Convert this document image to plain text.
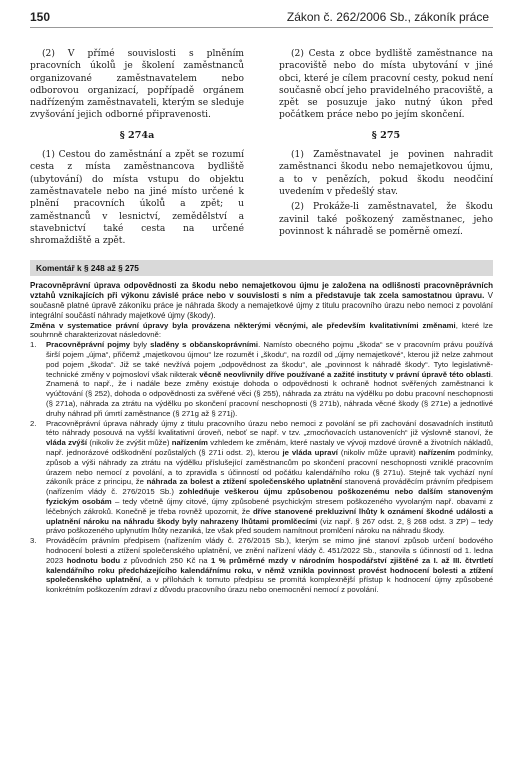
150	Zákon č. 262/2006 Sb., zákoník práce

(2) V přímé souvislosti s plněním pracovních úkolů je školení zaměstnanců organizované zaměstnavatelem nebo odborovou organizací, popřípadě orgánem nadřízeným zaměstnavateli, kterým se sleduje zvyšování jejich odborné připravenosti.

§ 274a

(1) Cestou do zaměstnání a zpět se rozumí cesta z místa zaměstnancova bydliště (ubytování) do místa vstupu do objektu zaměstnavatele nebo na jiné místo určené k plnění pracovních úkolů a zpět; u zaměstnanců v lesnictví, zemědělství a stavebnictví také cesta na určené shromaždiště a zpět.

(2) Cesta z obce bydliště zaměstnance na pracoviště nebo do místa ubytování v jiné obci, které je cílem pracovní cesty, pokud není současně obcí jeho pravidelného pracoviště, a zpět se posuzuje jako nutný úkon před počátkem práce nebo po jejím skončení.

§ 275

(1) Zaměstnavatel je povinen nahradit zaměstnanci škodu nebo nemajetkovou újmu, a to v penězích, pokud škodu neodčiní uvedením v předešlý stav.

(2) Prokáže-li zaměstnavatel, že škodu zavinil také poškozený zaměstnanec, jeho povinnost k náhradě se poměrně omezí.

Komentář k § 248 až § 275

Pracovněprávní úprava odpovědnosti za škodu nebo nemajetkovou újmu je založena na odlišnosti pracovněprávních vztahů vznikajících při výkonu závislé práce nebo v souvislosti s ním a představuje tak zcela samostatnou úpravu. V současně platné úpravě zákoníku práce je náhrada škody a nemajetkové újmy z titulu pracovního úrazu nebo nemoci z povolání integrální součástí náhrady majetkové újmy (škody).

Změna v systematice právní úpravy byla provázena některými věcnými, ale především kvalitativními změnami, které lze souhrnně charakterizovat následovně:

1. Pracovněprávní pojmy byly sladěny s občanskoprávními. Namísto obecného pojmu „škoda“ se v pracovním právu používá širší pojem „újma“, přičemž „majetkovou újmou“ lze rozumět i „škodu“, na rozdíl od „újmy nemajetkové“, kterou již nelze zahrnout pod pojem „škoda“. Již se také nevžívá pojem „odpovědnost za škodu“, ale „povinnost k náhradě škody“. Tyto legislativně-technické změny v pojmosloví však nikterak věcně neovlivnily dříve používané a zažité instituty v právní úpravě této oblasti. Znamená to např., že i nadále beze změny existuje dohoda o odpovědnosti k ochraně hodnot svěřených zaměstnanci k vyúčtování (§ 252), dohoda o odpovědnosti za svěřené věci (§ 255), náhrada za ztrátu na výdělku po dobu pracovní neschopnosti (§ 271a), náhrada za ztrátu na výdělku po skončení pracovní neschopnosti (§ 271b), náhrada věcné škody (§ 271e) a jednotlivé druhy náhrad při úmrtí zaměstnance (§ 271g až § 271j).
2. Pracovněprávní úprava náhrady újmy z titulu pracovního úrazu nebo nemoci z povolání se při zachování dosavadních institutů této náhrady posouvá na vyšší kvalitativní úroveň, neboť se např. v tzv. „zmocňovacích ustanoveních“ již výslovně stanoví, že vláda zvýší (nikoliv že zvýšit může) nařízením vzhledem ke změnám, které nastaly ve vývoji mzdové úrovně a životních nákladů, např. jednorázové odškodnění pozůstalých (§ 271i odst. 2), kterou je vláda upraví (nikoliv může upravit) nařízením podmínky, způsob a výši náhrady za ztrátu na výdělku příslušející zaměstnancům po skončení pracovní neschopnosti vzniklé pracovním úrazem nebo nemocí z povolání, a to zpravidla s účinností od počátku kalendářního roku (§ 271u). Stejně tak vychází nyní zákoník práce z principu, že náhrada za bolest a ztížení společenského uplatnění stanovená prováděcím právním předpisem (nařízením vlády č. 276/2015 Sb.) zohledňuje veškerou újmu způsobenou poškozenému nebo dalším stanoveným fyzickým osobám – tedy včetně újmy citové, újmy způsobené psychickým stresem poškozeného vyvolaným např. obavami z léčebných zákroků. Konečně je třeba rovněž upozornit, že dříve stanovené prekluzivní lhůty k oznámení škodné události a uplatnění nároku na náhradu škody byly nahrazeny lhůtami promlčecími (viz např. § 267 odst. 2, § 268 odst. 3 ZP) – tedy právo poškozeného uplynutím lhůty nezaniká, lze však před soudem namítnout promlčení nároku na náhradu škody.
3. Prováděcím právním předpisem (nařízením vlády č. 276/2015 Sb.), kterým se mimo jiné stanoví způsob určení bodového hodnocení bolesti a ztížení společenského uplatnění, ve znění nařízení vlády č. 451/2022 Sb., stanovila s účinností od 1. ledna 2023 hodnotu bodu z původních 250 Kč na 1 % průměrné mzdy v národním hospodářství zjištěné za I. až III. čtvrtletí kalendářního roku předcházejícího kalendářnímu roku, v němž vznikla povinnost provést hodnocení bolesti a ztížení společenského uplatnění, a v přílohách k tomuto předpisu se promítá komplexnější přístup k hodnocení újmy způsobené konkrétním poškozením zdraví z důvodu pracovního úrazu nebo onemocnění nemocí z povolání.
